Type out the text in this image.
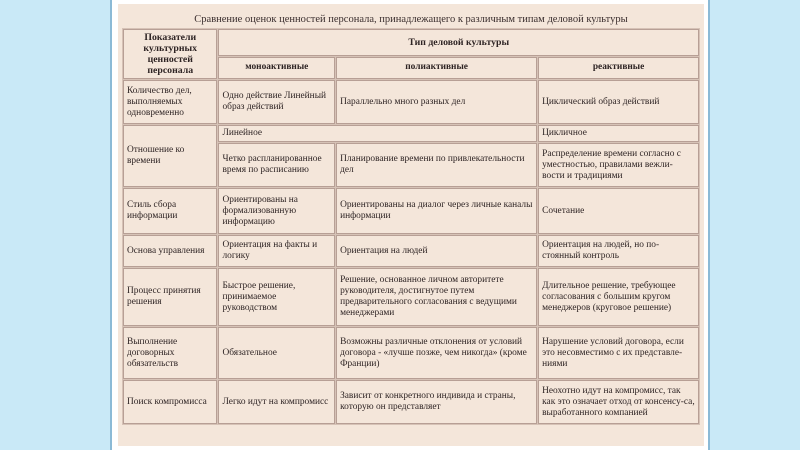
Сравнение оценок ценностей персонала, принадлежащего к различным типам деловой культуры
Показатели культурных ценностей персонала	Тип деловой культуры		
	моноактивные	полиактивные	реактивные
Количество дел, выполняемых одновременно	Одно действие Линейный образ действий	Параллельно много разных дел	Циклический образ действий
Отношение ко времени	Линейное		Цикличное
	Четко распланированное время по расписанию	Планирование времени по привлекательности дел	Распределение времени согласно с уместностью, правилами вежли-вости и традициями
Стиль сбора информации	Ориентированы на формализованную информацию	Ориентированы на диалог через личные каналы информации	Сочетание
Основа управления	Ориентация на факты и логику	Ориентация на людей	Ориентация на людей, но по-стоянный контроль
Процесс принятия решения	Быстрое решение, принимаемое руководством	Решение, основанное личном авторитете руководителя, достигнутое путем предварительного согласования с ведущими менеджерами	Длительное решение, требующее согласования с большим кругом менеджеров (круговое решение)
Выполнение договорных обязательств	Обязательное	Возможны различные отклонения от условий договора - «лучше позже, чем никогда» (кроме Франции)	Нарушение условий договора, если это несовместимо с их представле-ниями
Поиск компромисса	Легко идут на компромисс	Зависит от конкретного индивида и страны, которую он представляет	Неохотно идут на компромисс, так как это означает отход от консенсу-са, выработанного компанией
